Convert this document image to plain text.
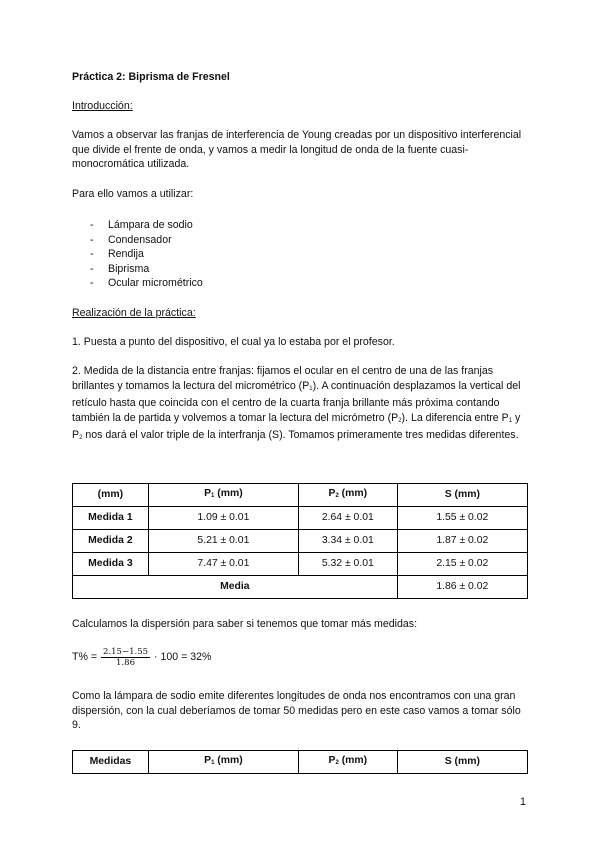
Práctica 2: Biprisma de Fresnel
Introducción:
Vamos a observar las franjas de interferencia de Young creadas por un dispositivo interferencial que divide el frente de onda, y vamos a medir la longitud de onda de la fuente cuasi-monocromática utilizada.
Para ello vamos a utilizar:
- Lámpara de sodio
- Condensador
- Rendija
- Biprisma
- Ocular micrométrico
Realización de la práctica:
1. Puesta a punto del dispositivo, el cual ya lo estaba por el profesor.
2. Medida de la distancia entre franjas: fijamos el ocular en el centro de una de las franjas brillantes y tomamos la lectura del micrométrico $(P_1)$. A continuación desplazamos la vertical del retículo hasta que coincida con el centro de la cuarta franja brillante más próxima contando también la de partida y volvemos a tomar la lectura del micrómetro $(P_2)$. La diferencia entre $P_1$ y $P_2$ nos dará el valor triple de la interfranja (S). Tomamos primeramente tres medidas diferentes.
(mm)	$P_1$ (mm)	$P_2$ (mm)	S (mm)
Medida 1	1.09 ± 0.01	2.64 ± 0.01	1.55 ± 0.02
Medida 2	5.21 ± 0.01	3.34 ± 0.01	1.87 ± 0.02
Medida 3	7.47 ± 0.01	5.32 ± 0.01	2.15 ± 0.02
Media			1.86 ± 0.02
Calculamos la dispersión para saber si tenemos que tomar más medidas:
$T\% = \frac{2.15-1.55}{1.86} \cdot 100 = 32\%$
Como la lámpara de sodio emite diferentes longitudes de onda nos encontramos con una gran dispersión, con la cual deberíamos de tomar 50 medidas pero en este caso vamos a tomar sólo 9.
Medidas	$P_1$ (mm)	$P_2$ (mm)	S (mm)
1
